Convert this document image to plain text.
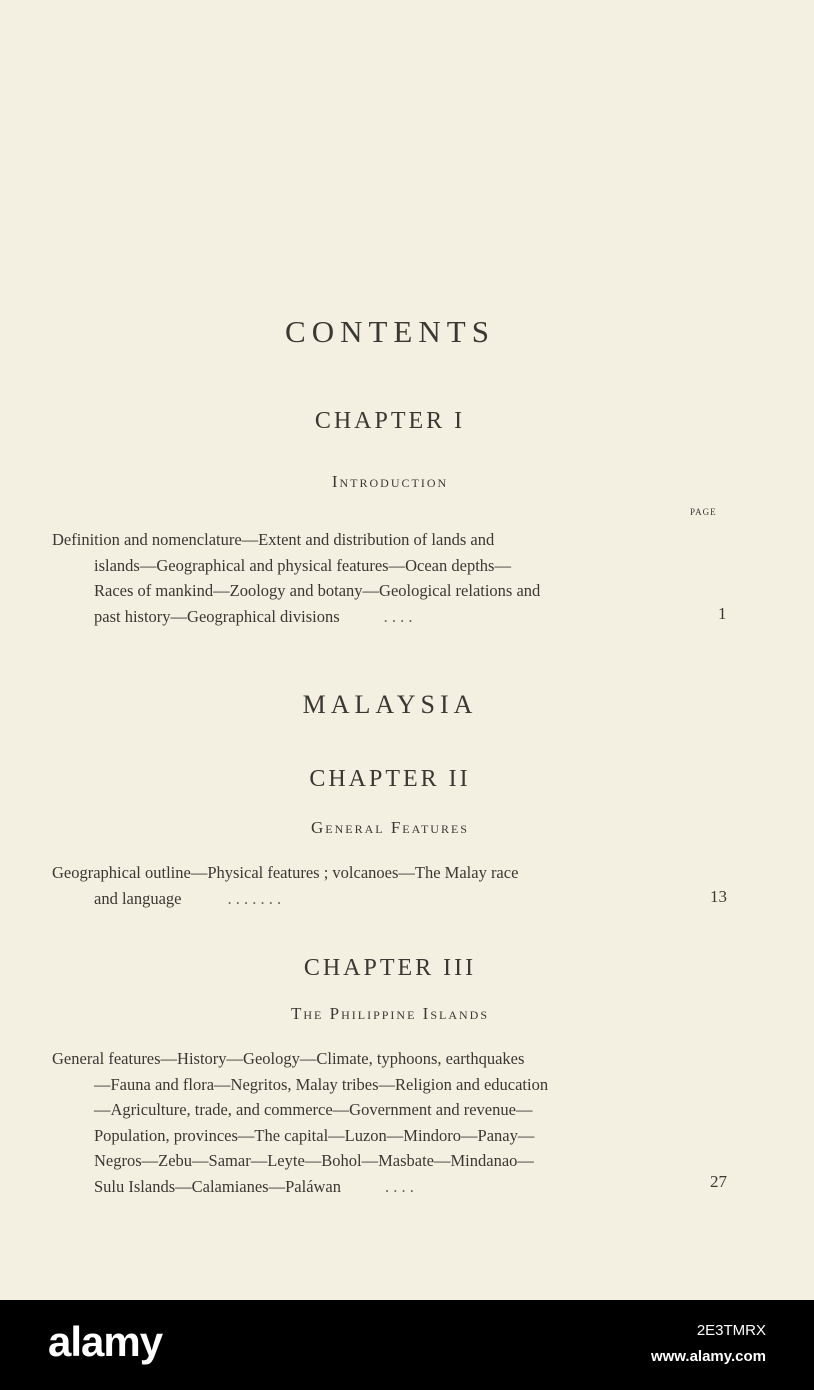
CONTENTS
CHAPTER I
Introduction
PAGE
Definition and nomenclature—Extent and distribution of lands and
islands—Geographical and physical features—Ocean depths—
Races of mankind—Zoology and botany—Geological relations and
past history—Geographical divisions	. . . .	1
MALAYSIA
CHAPTER II
General Features
Geographical outline—Physical features ; volcanoes—The Malay race
and language	. . . . . . .	13
CHAPTER III
The Philippine Islands
General features—History—Geology—Climate, typhoons, earthquakes
—Fauna and flora—Negritos, Malay tribes—Religion and education
—Agriculture, trade, and commerce—Government and revenue—
Population, provinces—The capital—Luzon—Mindoro—Panay—
Negros—Zebu—Samar—Leyte—Bohol—Masbate—Mindanao—
Sulu Islands—Calamianes—Paláwan	. . . .	27
alamy	2E3TMRX
www.alamy.com
